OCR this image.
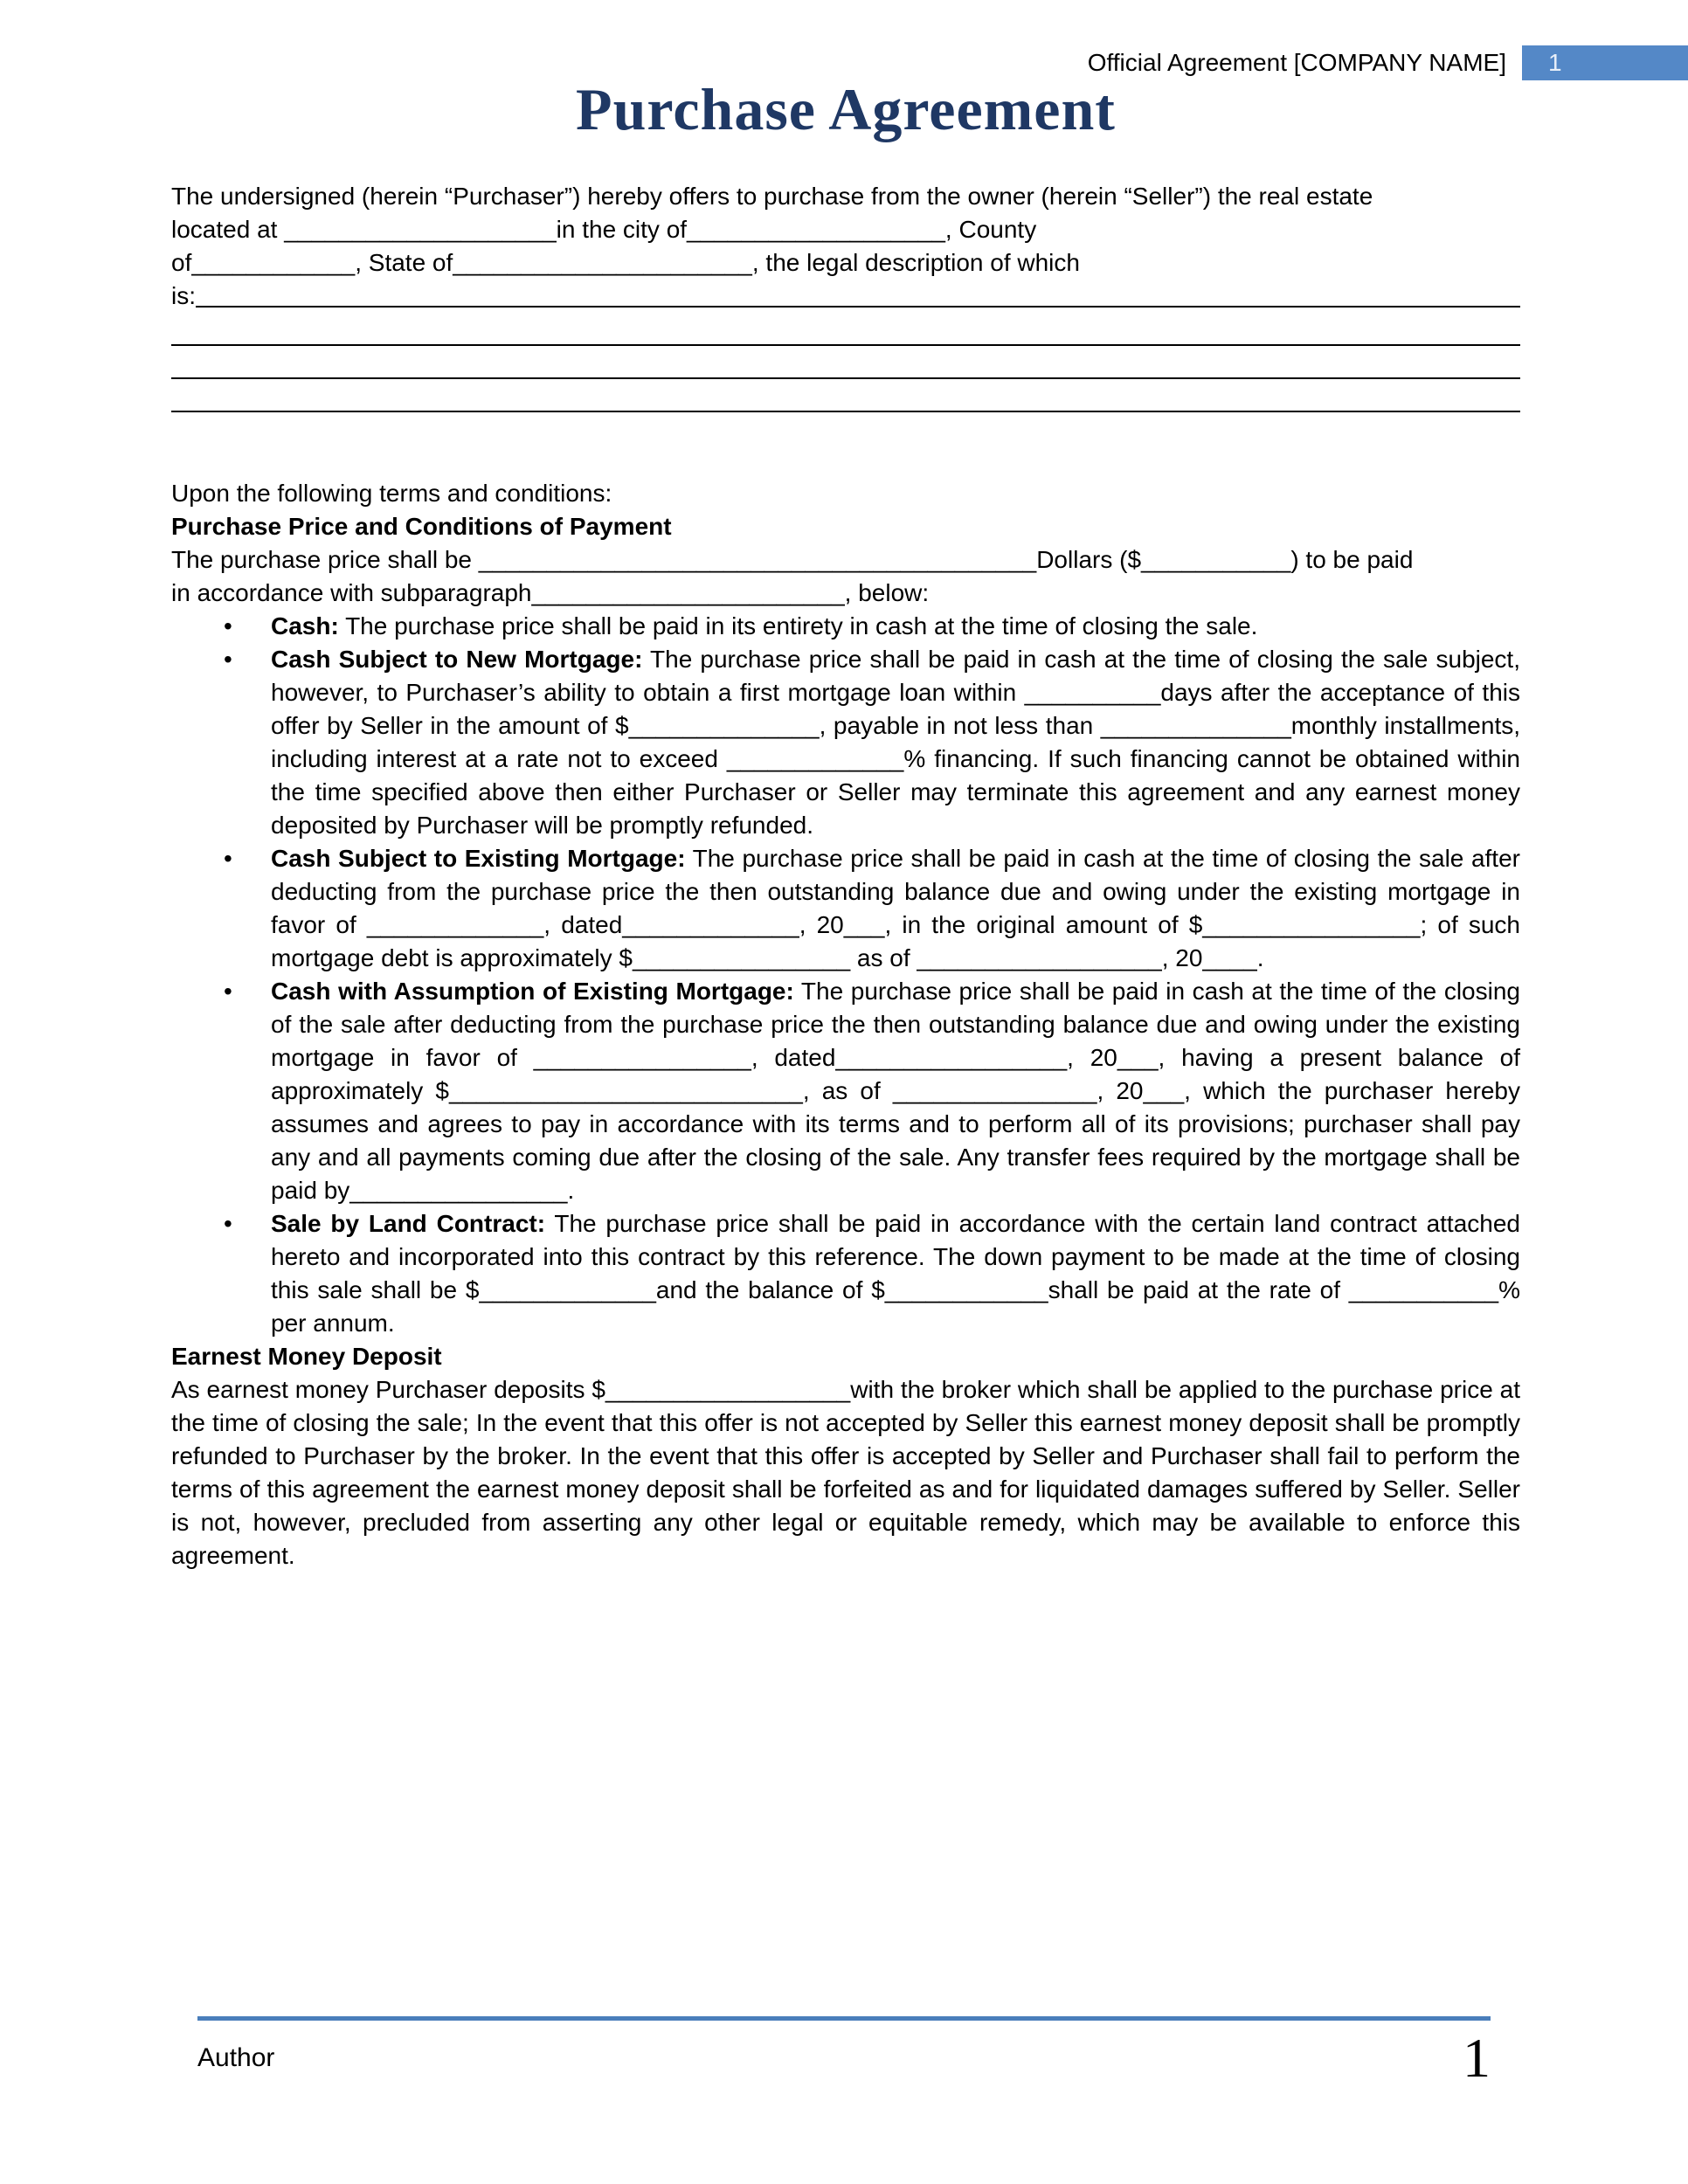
Official Agreement [COMPANY NAME]	1
Purchase Agreement
The undersigned (herein “Purchaser”) hereby offers to purchase from the owner (herein “Seller”) the real estate
located at ____________________in the city of___________________, County
of____________, State of______________________, the legal description of which
is:
Upon the following terms and conditions:
Purchase Price and Conditions of Payment
The purchase price shall be _________________________________________Dollars ($___________) to be paid
in accordance with subparagraph_______________________, below:
•	Cash: The purchase price shall be paid in its entirety in cash at the time of closing the sale.
•	Cash Subject to New Mortgage: The purchase price shall be paid in cash at the time of closing the sale subject, however, to Purchaser’s ability to obtain a first mortgage loan within __________days after the acceptance of this offer by Seller in the amount of $______________, payable in not less than ______________monthly installments, including interest at a rate not to exceed _____________% financing. If such financing cannot be obtained within the time specified above then either Purchaser or Seller may terminate this agreement and any earnest money deposited by Purchaser will be promptly refunded.
•	Cash Subject to Existing Mortgage: The purchase price shall be paid in cash at the time of closing the sale after deducting from the purchase price the then outstanding balance due and owing under the existing mortgage in favor of _____________, dated_____________, 20___, in the original amount of $________________; of such mortgage debt is approximately $________________ as of __________________, 20____.
•	Cash with Assumption of Existing Mortgage: The purchase price shall be paid in cash at the time of the closing of the sale after deducting from the purchase price the then outstanding balance due and owing under the existing mortgage in favor of ________________, dated_________________, 20___, having a present balance of approximately $__________________________, as of _______________, 20___, which the purchaser hereby assumes and agrees to pay in accordance with its terms and to perform all of its provisions; purchaser shall pay any and all payments coming due after the closing of the sale. Any transfer fees required by the mortgage shall be paid by________________.
•	Sale by Land Contract: The purchase price shall be paid in accordance with the certain land contract attached hereto and incorporated into this contract by this reference. The down payment to be made at the time of closing this sale shall be $_____________and the balance of $____________shall be paid at the rate of ___________% per annum.
Earnest Money Deposit
As earnest money Purchaser deposits $__________________with the broker which shall be applied to the purchase price at the time of closing the sale; In the event that this offer is not accepted by Seller this earnest money deposit shall be promptly refunded to Purchaser by the broker. In the event that this offer is accepted by Seller and Purchaser shall fail to perform the terms of this agreement the earnest money deposit shall be forfeited as and for liquidated damages suffered by Seller. Seller is not, however, precluded from asserting any other legal or equitable remedy, which may be available to enforce this agreement.
Author	1
